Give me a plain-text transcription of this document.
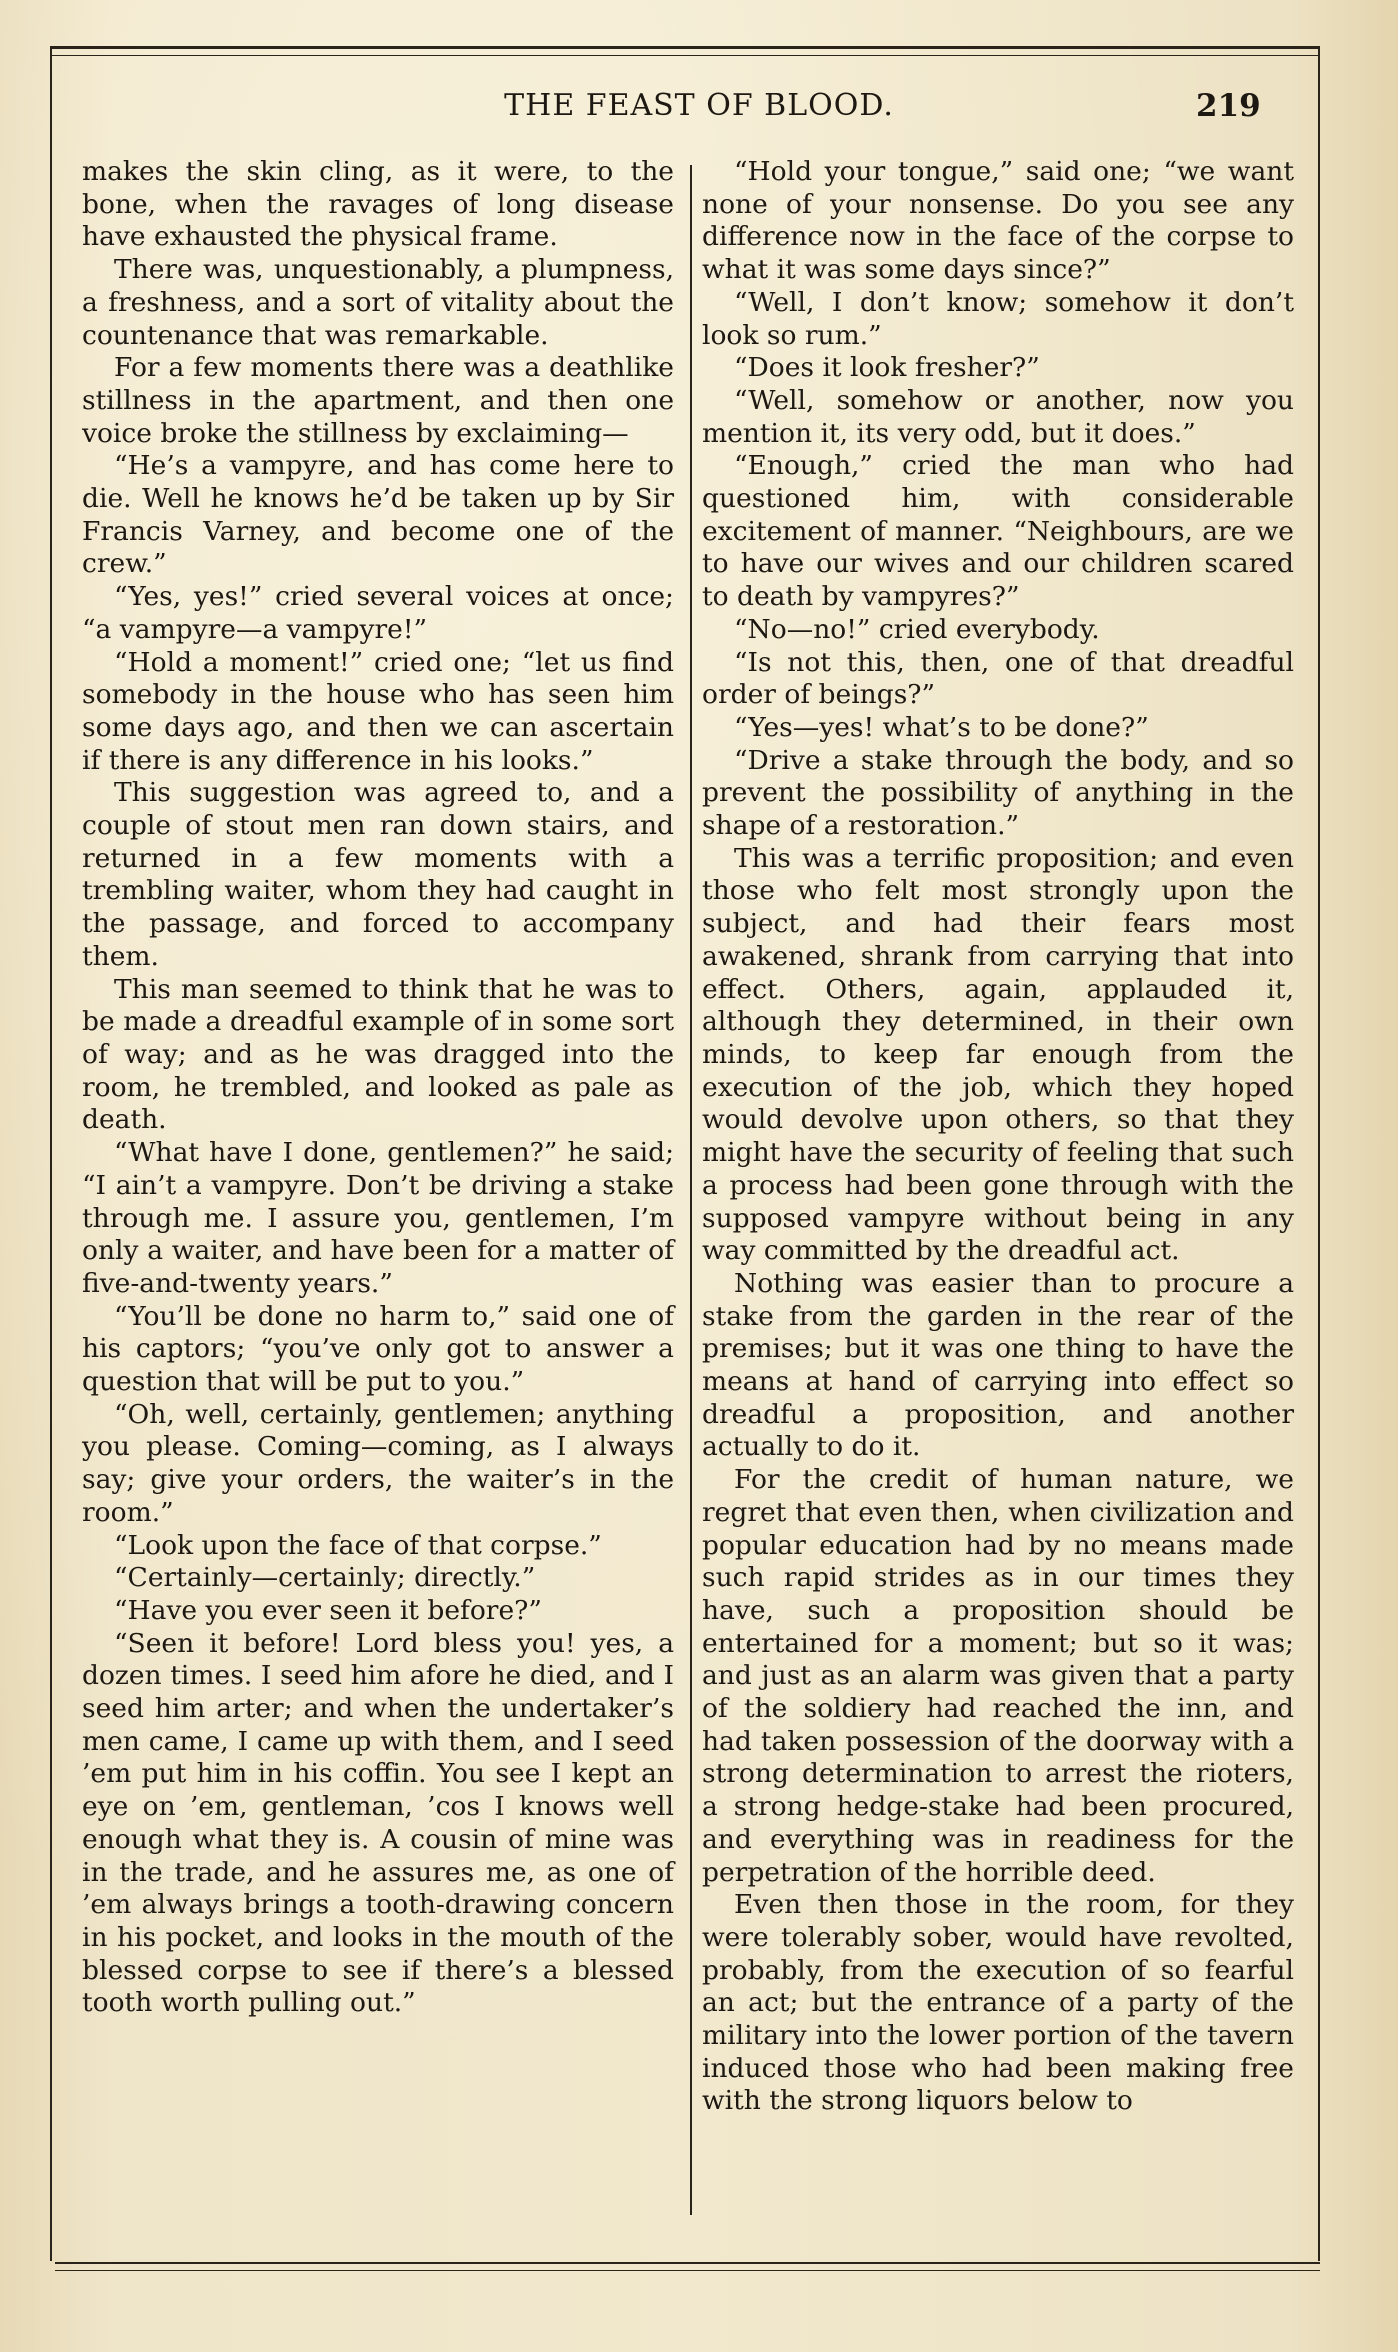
THE FEAST OF BLOOD.	219

makes the skin cling, as it were, to the bone, when the ravages of long disease have exhausted the physical frame.

There was, unquestionably, a plumpness, a freshness, and a sort of vitality about the countenance that was remarkable.

For a few moments there was a deathlike stillness in the apartment, and then one voice broke the stillness by exclaiming—

“He’s a vampyre, and has come here to die. Well he knows he’d be taken up by Sir Francis Varney, and become one of the crew.”

“Yes, yes!” cried several voices at once; “a vampyre—a vampyre!”

“Hold a moment!” cried one; “let us find somebody in the house who has seen him some days ago, and then we can ascertain if there is any difference in his looks.”

This suggestion was agreed to, and a couple of stout men ran down stairs, and returned in a few moments with a trembling waiter, whom they had caught in the passage, and forced to accompany them.

This man seemed to think that he was to be made a dreadful example of in some sort of way; and as he was dragged into the room, he trembled, and looked as pale as death.

“What have I done, gentlemen?” he said; “I ain’t a vampyre. Don’t be driving a stake through me. I assure you, gentlemen, I’m only a waiter, and have been for a matter of five-and-twenty years.”

“You’ll be done no harm to,” said one of his captors; “you’ve only got to answer a question that will be put to you.”

“Oh, well, certainly, gentlemen; anything you please. Coming—coming, as I always say; give your orders, the waiter’s in the room.”

“Look upon the face of that corpse.”

“Certainly—certainly; directly.”

“Have you ever seen it before?”

“Seen it before! Lord bless you! yes, a dozen times. I seed him afore he died, and I seed him arter; and when the undertaker’s men came, I came up with them, and I seed ’em put him in his coffin. You see I kept an eye on ’em, gentleman, ’cos I knows well enough what they is. A cousin of mine was in the trade, and he assures me, as one of ’em always brings a tooth-drawing concern in his pocket, and looks in the mouth of the blessed corpse to see if there’s a blessed tooth worth pulling out.”

“Hold your tongue,” said one; “we want none of your nonsense. Do you see any difference now in the face of the corpse to what it was some days since?”

“Well, I don’t know; somehow it don’t look so rum.”

“Does it look fresher?”

“Well, somehow or another, now you mention it, its very odd, but it does.”

“Enough,” cried the man who had questioned him, with considerable excitement of manner. “Neighbours, are we to have our wives and our children scared to death by vampyres?”

“No—no!” cried everybody.

“Is not this, then, one of that dreadful order of beings?”

“Yes—yes! what’s to be done?”

“Drive a stake through the body, and so prevent the possibility of anything in the shape of a restoration.”

This was a terrific proposition; and even those who felt most strongly upon the subject, and had their fears most awakened, shrank from carrying that into effect. Others, again, applauded it, although they determined, in their own minds, to keep far enough from the execution of the job, which they hoped would devolve upon others, so that they might have the security of feeling that such a process had been gone through with the supposed vampyre without being in any way committed by the dreadful act.

Nothing was easier than to procure a stake from the garden in the rear of the premises; but it was one thing to have the means at hand of carrying into effect so dreadful a proposition, and another actually to do it.

For the credit of human nature, we regret that even then, when civilization and popular education had by no means made such rapid strides as in our times they have, such a proposition should be entertained for a moment; but so it was; and just as an alarm was given that a party of the soldiery had reached the inn, and had taken possession of the doorway with a strong determination to arrest the rioters, a strong hedge-stake had been procured, and everything was in readiness for the perpetration of the horrible deed.

Even then those in the room, for they were tolerably sober, would have revolted, probably, from the execution of so fearful an act; but the entrance of a party of the military into the lower portion of the tavern induced those who had been making free with the strong liquors below to
